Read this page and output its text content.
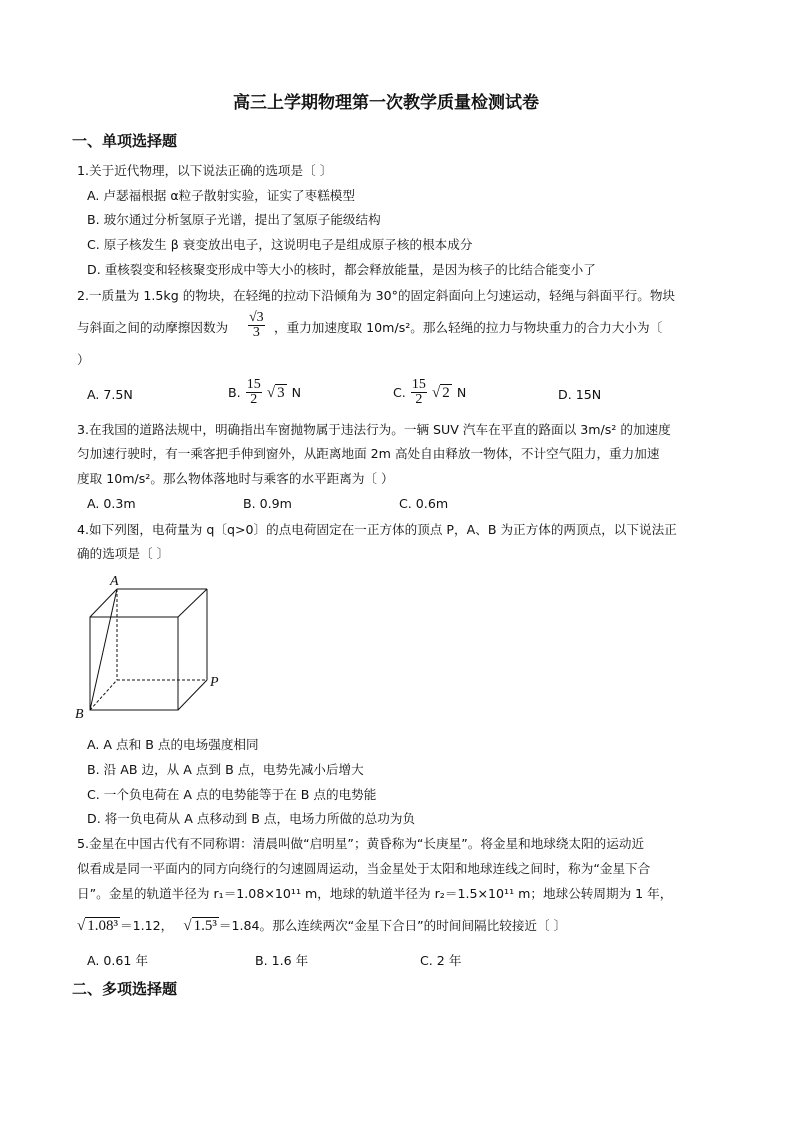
高三上学期物理第一次教学质量检测试卷
一、单项选择题
1.关于近代物理，以下说法正确的选项是〔 〕
A. 卢瑟福根据 α粒子散射实验，证实了枣糕模型
B. 玻尔通过分析氢原子光谱，提出了氢原子能级结构
C. 原子核发生 β 衰变放出电子，这说明电子是组成原子核的根本成分
D. 重核裂变和轻核聚变形成中等大小的核时，都会释放能量，是因为核子的比结合能变小了
2.一质量为 1.5kg 的物块，在轻绳的拉动下沿倾角为 30°的固定斜面向上匀速运动，轻绳与斜面平行。物块
与斜面之间的动摩擦因数为 $\frac{√3}{3}$ ，重力加速度取 10m/s²。那么轻绳的拉力与物块重力的合力大小为〔
）
A. 7.5N	B. $\frac{15}{2}$ √ 3 N	C. $\frac{15}{2}$ √ 2 N	D. 15N
3.在我国的道路法规中，明确指出车窗抛物属于违法行为。一辆 SUV 汽车在平直的路面以 3m/s² 的加速度
匀加速行驶时，有一乘客把手伸到窗外，从距离地面 2m 高处自由释放一物体，不计空气阻力，重力加速
度取 10m/s²。那么物体落地时与乘客的水平距离为〔 ）
A. 0.3m	B. 0.9m	C. 0.6m
4.如下列图，电荷量为 q〔q>0〕的点电荷固定在一正方体的顶点 P，A、B 为正方体的两顶点，以下说法正
确的选项是〔 〕
A
B
P
A. A 点和 B 点的电场强度相同
B. 沿 AB 边，从 A 点到 B 点，电势先减小后增大
C. 一个负电荷在 A 点的电势能等于在 B 点的电势能
D. 将一负电荷从 A 点移动到 B 点，电场力所做的总功为负
5.金星在中国古代有不同称谓：清晨叫做“启明星”；黄昏称为“长庚星”。将金星和地球绕太阳的运动近
似看成是同一平面内的同方向绕行的匀速圆周运动，当金星处于太阳和地球连线之间时，称为“金星下合
日”。金星的轨道半径为 r₁＝1.08×10¹¹ m，地球的轨道半径为 r₂＝1.5×10¹¹ m；地球公转周期为 1 年，
√ 1.08³ ＝1.12， √ 1.5³ ＝1.84。那么连续两次“金星下合日”的时间间隔比较接近〔 〕
A. 0.61 年	B. 1.6 年	C. 2 年
二、多项选择题
